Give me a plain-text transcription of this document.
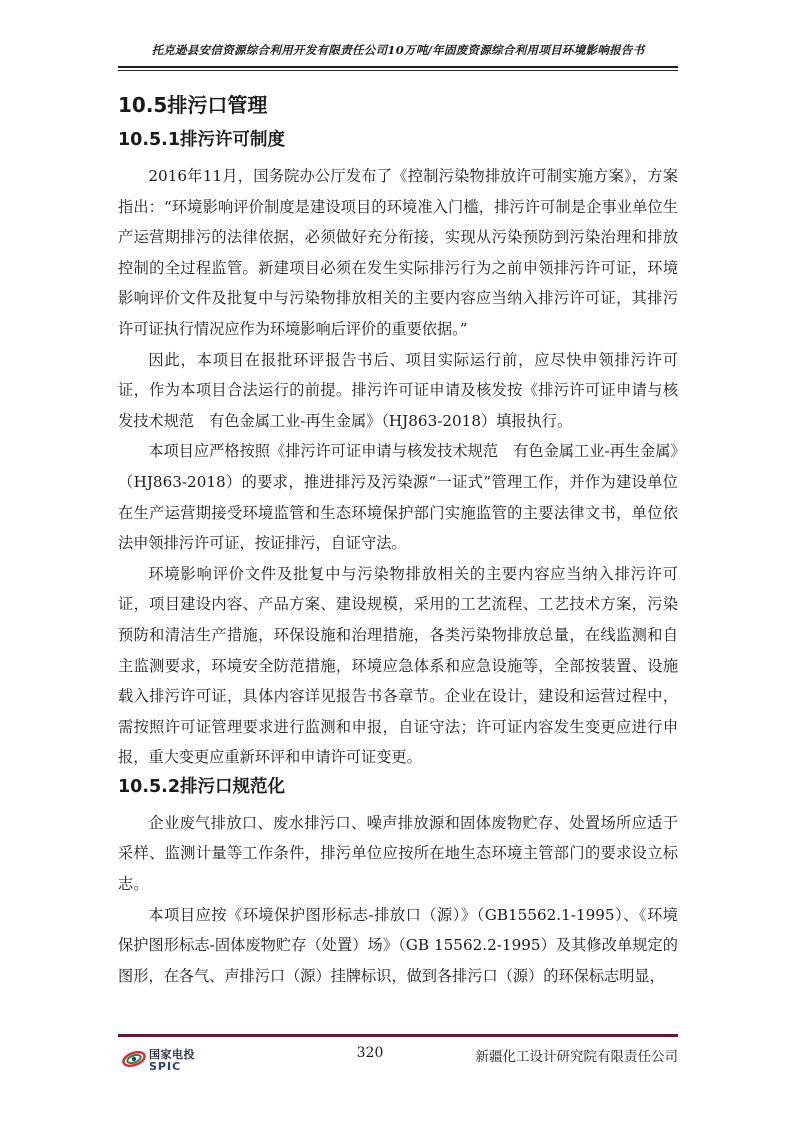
托克逊县安信资源综合利用开发有限责任公司10万吨/年固废资源综合利用项目环境影响报告书
10.5排污口管理
10.5.1排污许可制度

2016年11月，国务院办公厅发布了《控制污染物排放许可制实施方案》，方案指出：“环境影响评价制度是建设项目的环境准入门槛，排污许可制是企事业单位生产运营期排污的法律依据，必须做好充分衔接，实现从污染预防到污染治理和排放控制的全过程监管。新建项目必须在发生实际排污行为之前申领排污许可证，环境影响评价文件及批复中与污染物排放相关的主要内容应当纳入排污许可证，其排污许可证执行情况应作为环境影响后评价的重要依据。”

因此，本项目在报批环评报告书后、项目实际运行前，应尽快申领排污许可证，作为本项目合法运行的前提。排污许可证申请及核发按《排污许可证申请与核发技术规范　有色金属工业-再生金属》（HJ863-2018）填报执行。

本项目应严格按照《排污许可证申请与核发技术规范　有色金属工业-再生金属》（HJ863-2018）的要求，推进排污及污染源“一证式”管理工作，并作为建设单位在生产运营期接受环境监管和生态环境保护部门实施监管的主要法律文书，单位依法申领排污许可证，按证排污，自证守法。

环境影响评价文件及批复中与污染物排放相关的主要内容应当纳入排污许可证，项目建设内容、产品方案、建设规模，采用的工艺流程、工艺技术方案，污染预防和清洁生产措施，环保设施和治理措施，各类污染物排放总量，在线监测和自主监测要求，环境安全防范措施，环境应急体系和应急设施等，全部按装置、设施载入排污许可证，具体内容详见报告书各章节。企业在设计，建设和运营过程中，需按照许可证管理要求进行监测和申报，自证守法；许可证内容发生变更应进行申报，重大变更应重新环评和申请许可证变更。

10.5.2排污口规范化

企业废气排放口、废水排污口、噪声排放源和固体废物贮存、处置场所应适于采样、监测计量等工作条件，排污单位应按所在地生态环境主管部门的要求设立标志。

本项目应按《环境保护图形标志-排放口（源）》（GB15562.1-1995）、《环境保护图形标志-固体废物贮存（处置）场》（GB 15562.2-1995）及其修改单规定的图形，在各气、声排污口（源）挂牌标识，做到各排污口（源）的环保标志明显，

国家电投
SPIC
320	新疆化工设计研究院有限责任公司
